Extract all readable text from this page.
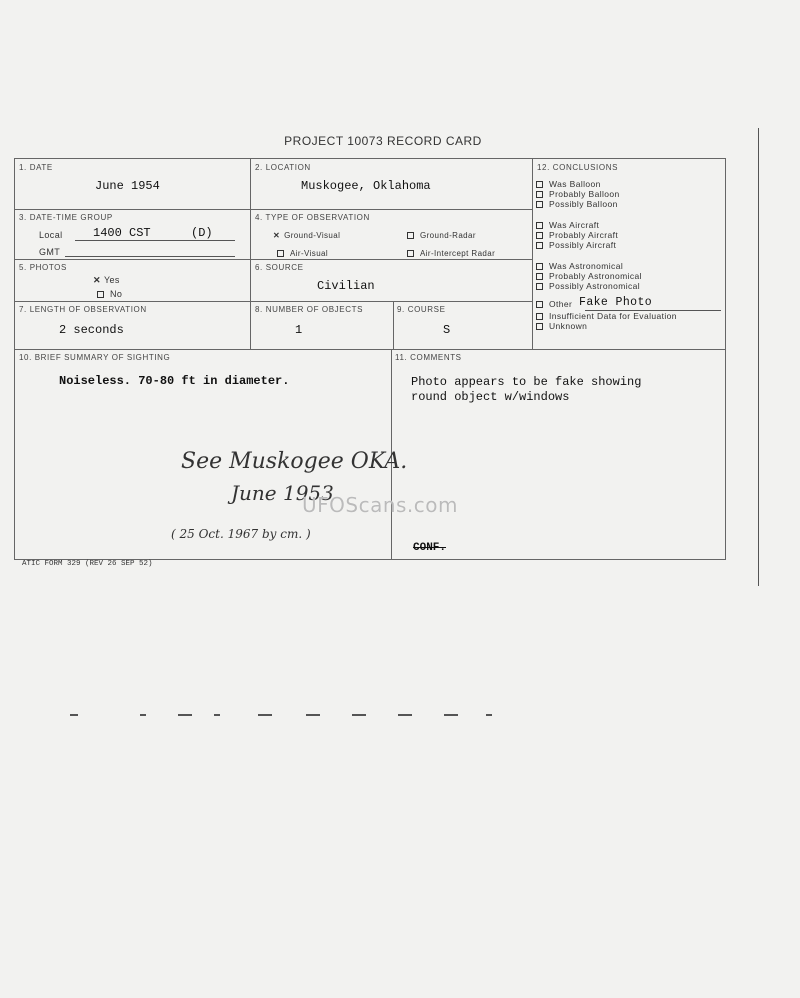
PROJECT 10073 RECORD CARD
1. DATE
June 1954
2. LOCATION
Muskogee, Oklahoma
3. DATE-TIME GROUP
Local	1400 CST	(D)
GMT
4. TYPE OF OBSERVATION
✕ Ground-Visual	Ground-Radar
Air-Visual	Air-Intercept Radar
5. PHOTOS
✕ Yes
No
6. SOURCE
Civilian
7. LENGTH OF OBSERVATION
2 seconds
8. NUMBER OF OBJECTS
1
9. COURSE
S
10. BRIEF SUMMARY OF SIGHTING
Noiseless. 70-80 ft in diameter.
11. COMMENTS
Photo appears to be fake showing
round object w/windows
CONF.
12. CONCLUSIONS
Was Balloon
Probably Balloon
Possibly Balloon
Was Aircraft
Probably Aircraft
Possibly Aircraft
Was Astronomical
Probably Astronomical
Possibly Astronomical
Other Fake Photo
Insufficient Data for Evaluation
Unknown
See Muskogee OKA.
June 1953
( 25 Oct. 1967 by cm. )
ATIC FORM 329 (REV 26 SEP 52)
UFOScans.com
